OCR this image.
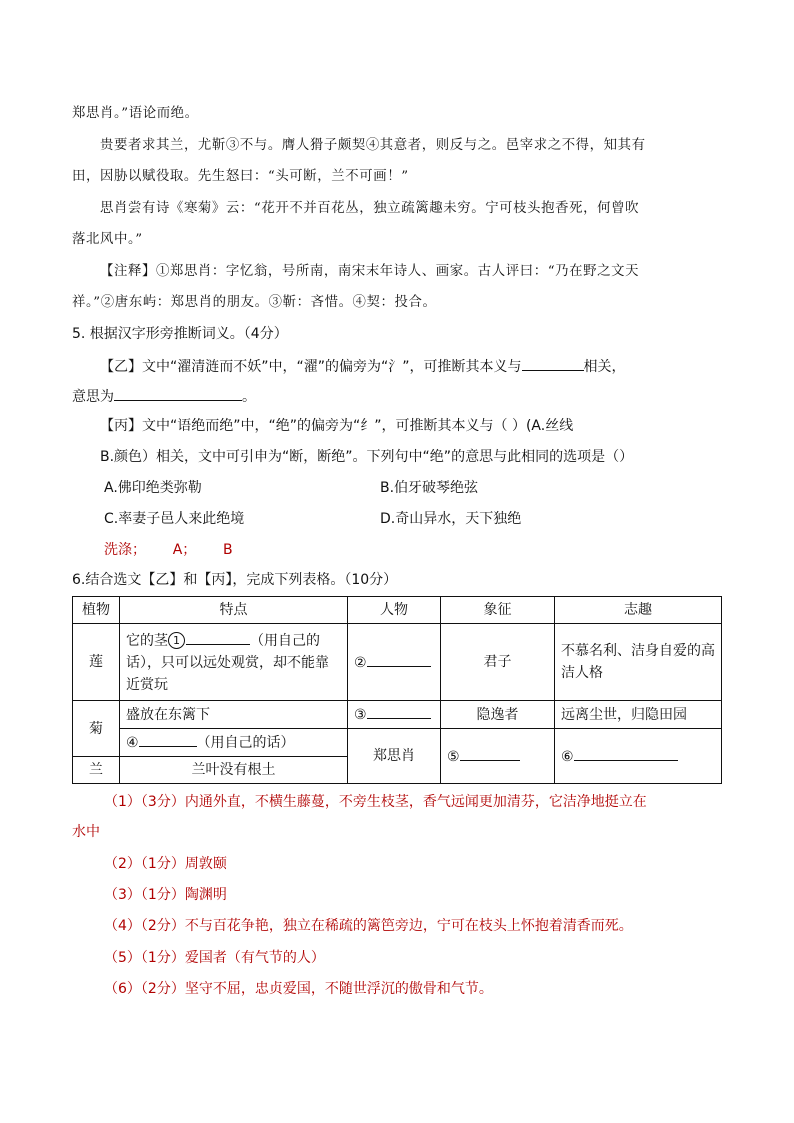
郑思肖。”语论而绝。
贵要者求其兰，尤靳③不与。膺人猾子颇契④其意者，则反与之。邑宰求之不得，知其有
田，因胁以赋役取。先生怒曰：“头可断，兰不可画！”
思肖尝有诗《寒菊》云：“花开不并百花丛，独立疏篱趣未穷。宁可枝头抱香死，何曾吹
落北风中。”
【注释】①郑思肖：字忆翁，号所南，南宋末年诗人、画家。古人评曰：“乃在野之文天
祥。”②唐东屿：郑思肖的朋友。③靳：吝惜。④契：投合。
5. 根据汉字形旁推断词义。（4分）
【乙】文中“濯清涟而不妖”中，“濯”的偏旁为“氵”，可推断其本义与	相关，
意思为	。
【丙】文中“语绝而绝”中，“绝”的偏旁为“纟”，可推断其本义与（ ）(A.丝线
B.颜色）相关，文中可引申为“断，断绝”。下列句中“绝”的意思与此相同的选项是（）
A.佛印绝类弥勒	B.伯牙破琴绝弦
C.率妻子邑人来此绝境	D.奇山异水，天下独绝
洗涤；      A；      B
6.结合选文【乙】和【丙】，完成下列表格。（10分）
植物	特点	人物	象征	志趣
莲	它的茎 1 （用自己的话），只可以远处观赏，却不能靠近赏玩	②	君子	不慕名利、洁身自爱的高洁人格
菊	盛放在东篱下	③	隐逸者	远离尘世，归隐田园
	④ （用自己的话）	郑思肖	⑤	⑥
兰	兰叶没有根土			
（1）（3分）内通外直，不横生藤蔓，不旁生枝茎，香气远闻更加清芬，它洁净地挺立在
水中
（2）（1分）周敦颐
（3）（1分）陶渊明
（4）（2分）不与百花争艳，独立在稀疏的篱笆旁边，宁可在枝头上怀抱着清香而死。
（5）（1分）爱国者（有气节的人）
（6）（2分）坚守不屈，忠贞爱国，不随世浮沉的傲骨和气节。
